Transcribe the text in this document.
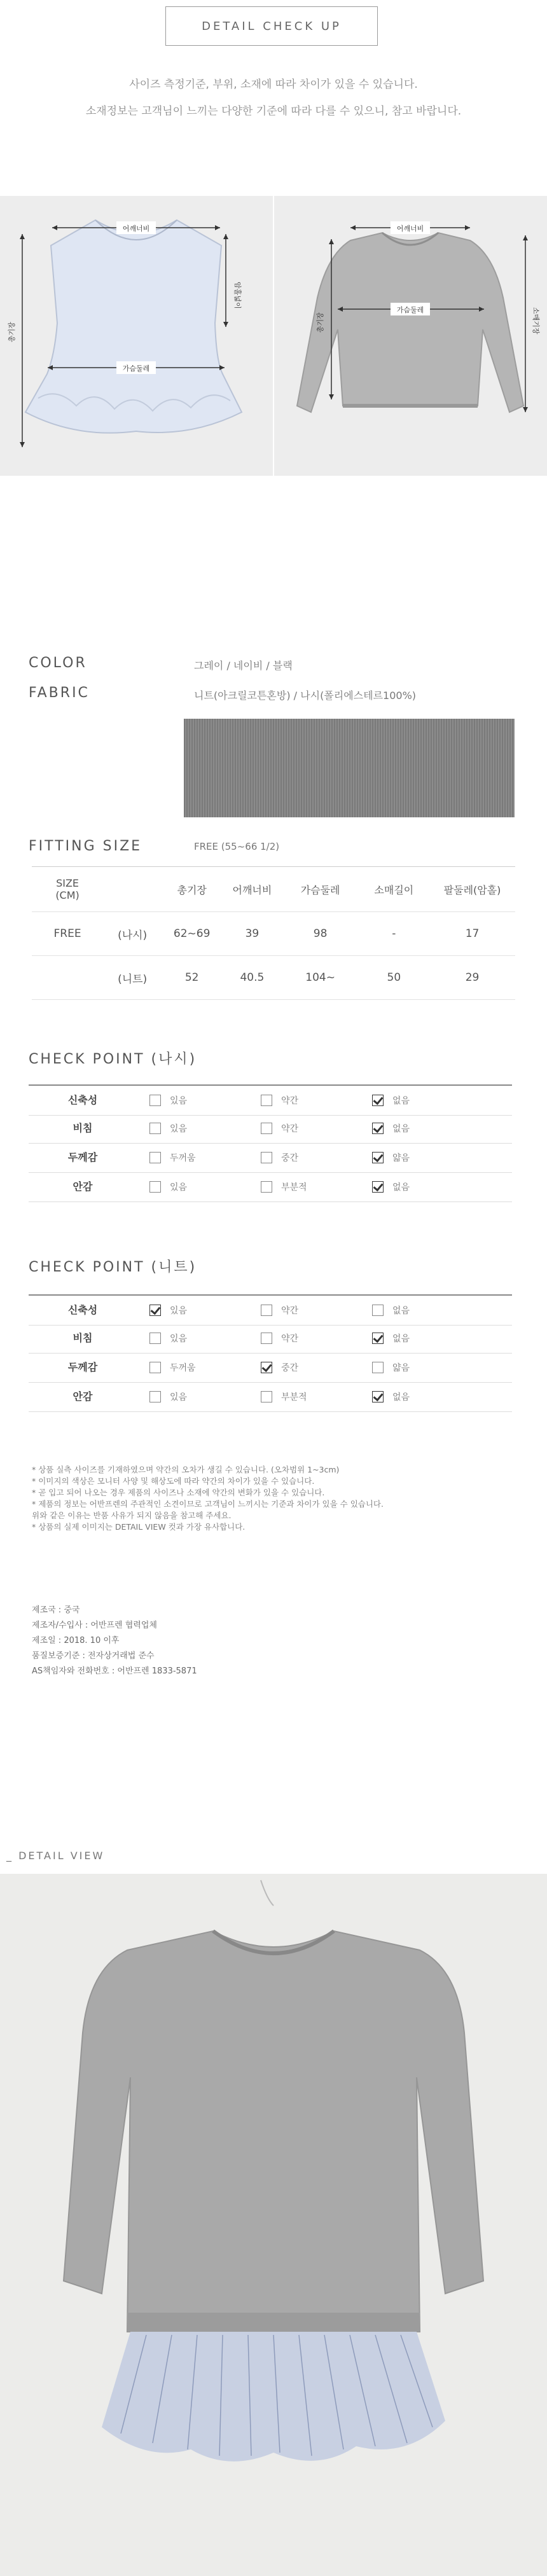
DETAIL CHECK UP
사이즈 측정기준, 부위, 소재에 따라 차이가 있을 수 있습니다.
소재정보는 고객님이 느끼는 다양한 기준에 따라 다를 수 있으니, 참고 바랍니다.
어깨너비
가슴둘레
암홀넓이
총기장
어깨너비
가슴둘레
총기장	소매기장
COLOR	그레이 / 네이비 / 블랙
FABRIC	니트(아크릴코튼혼방) / 나시(폴리에스테르100%)
FITTING SIZE	FREE (55~66 1/2)
SIZE
(CM)		총기장	어깨너비	가슴둘레	소매길이	팔둘레(암홀)
FREE	(나시)	62~69	39	98	-	17
	(니트)	52	40.5	104~	50	29
CHECK POINT (나시)
신축성	있음	약간	없음
비침	있음	약간	없음
두께감	두꺼움	중간	얇음
안감	있음	부분적	없음
CHECK POINT (니트)
신축성	있음	약간	없음
비침	있음	약간	없음
두께감	두꺼움	중간	얇음
안감	있음	부분적	없음
* 상품 실측 사이즈를 기재하였으며 약간의 오차가 생길 수 있습니다. (오차범위 1~3cm)
* 이미지의 색상은 모니터 사양 및 해상도에 따라 약간의 차이가 있을 수 있습니다.
* 곧 입고 되어 나오는 경우 제품의 사이즈나 소재에 약간의 변화가 있을 수 있습니다.
* 제품의 정보는 어반프렌의 주관적인 소견이므로 고객님이 느끼시는 기준과 차이가 있을 수 있습니다.
위와 같은 이유는 반품 사유가 되지 않음을 참고해 주세요.
* 상품의 실제 이미지는 DETAIL VIEW 컷과 가장 유사합니다.
제조국 : 중국
제조자/수입사 : 어반프렌 협력업체
제조일 : 2018. 10 이후
품질보증기준 : 전자상거래법 준수
AS책임자와 전화번호 : 어반프렌 1833-5871
_ DETAIL VIEW
